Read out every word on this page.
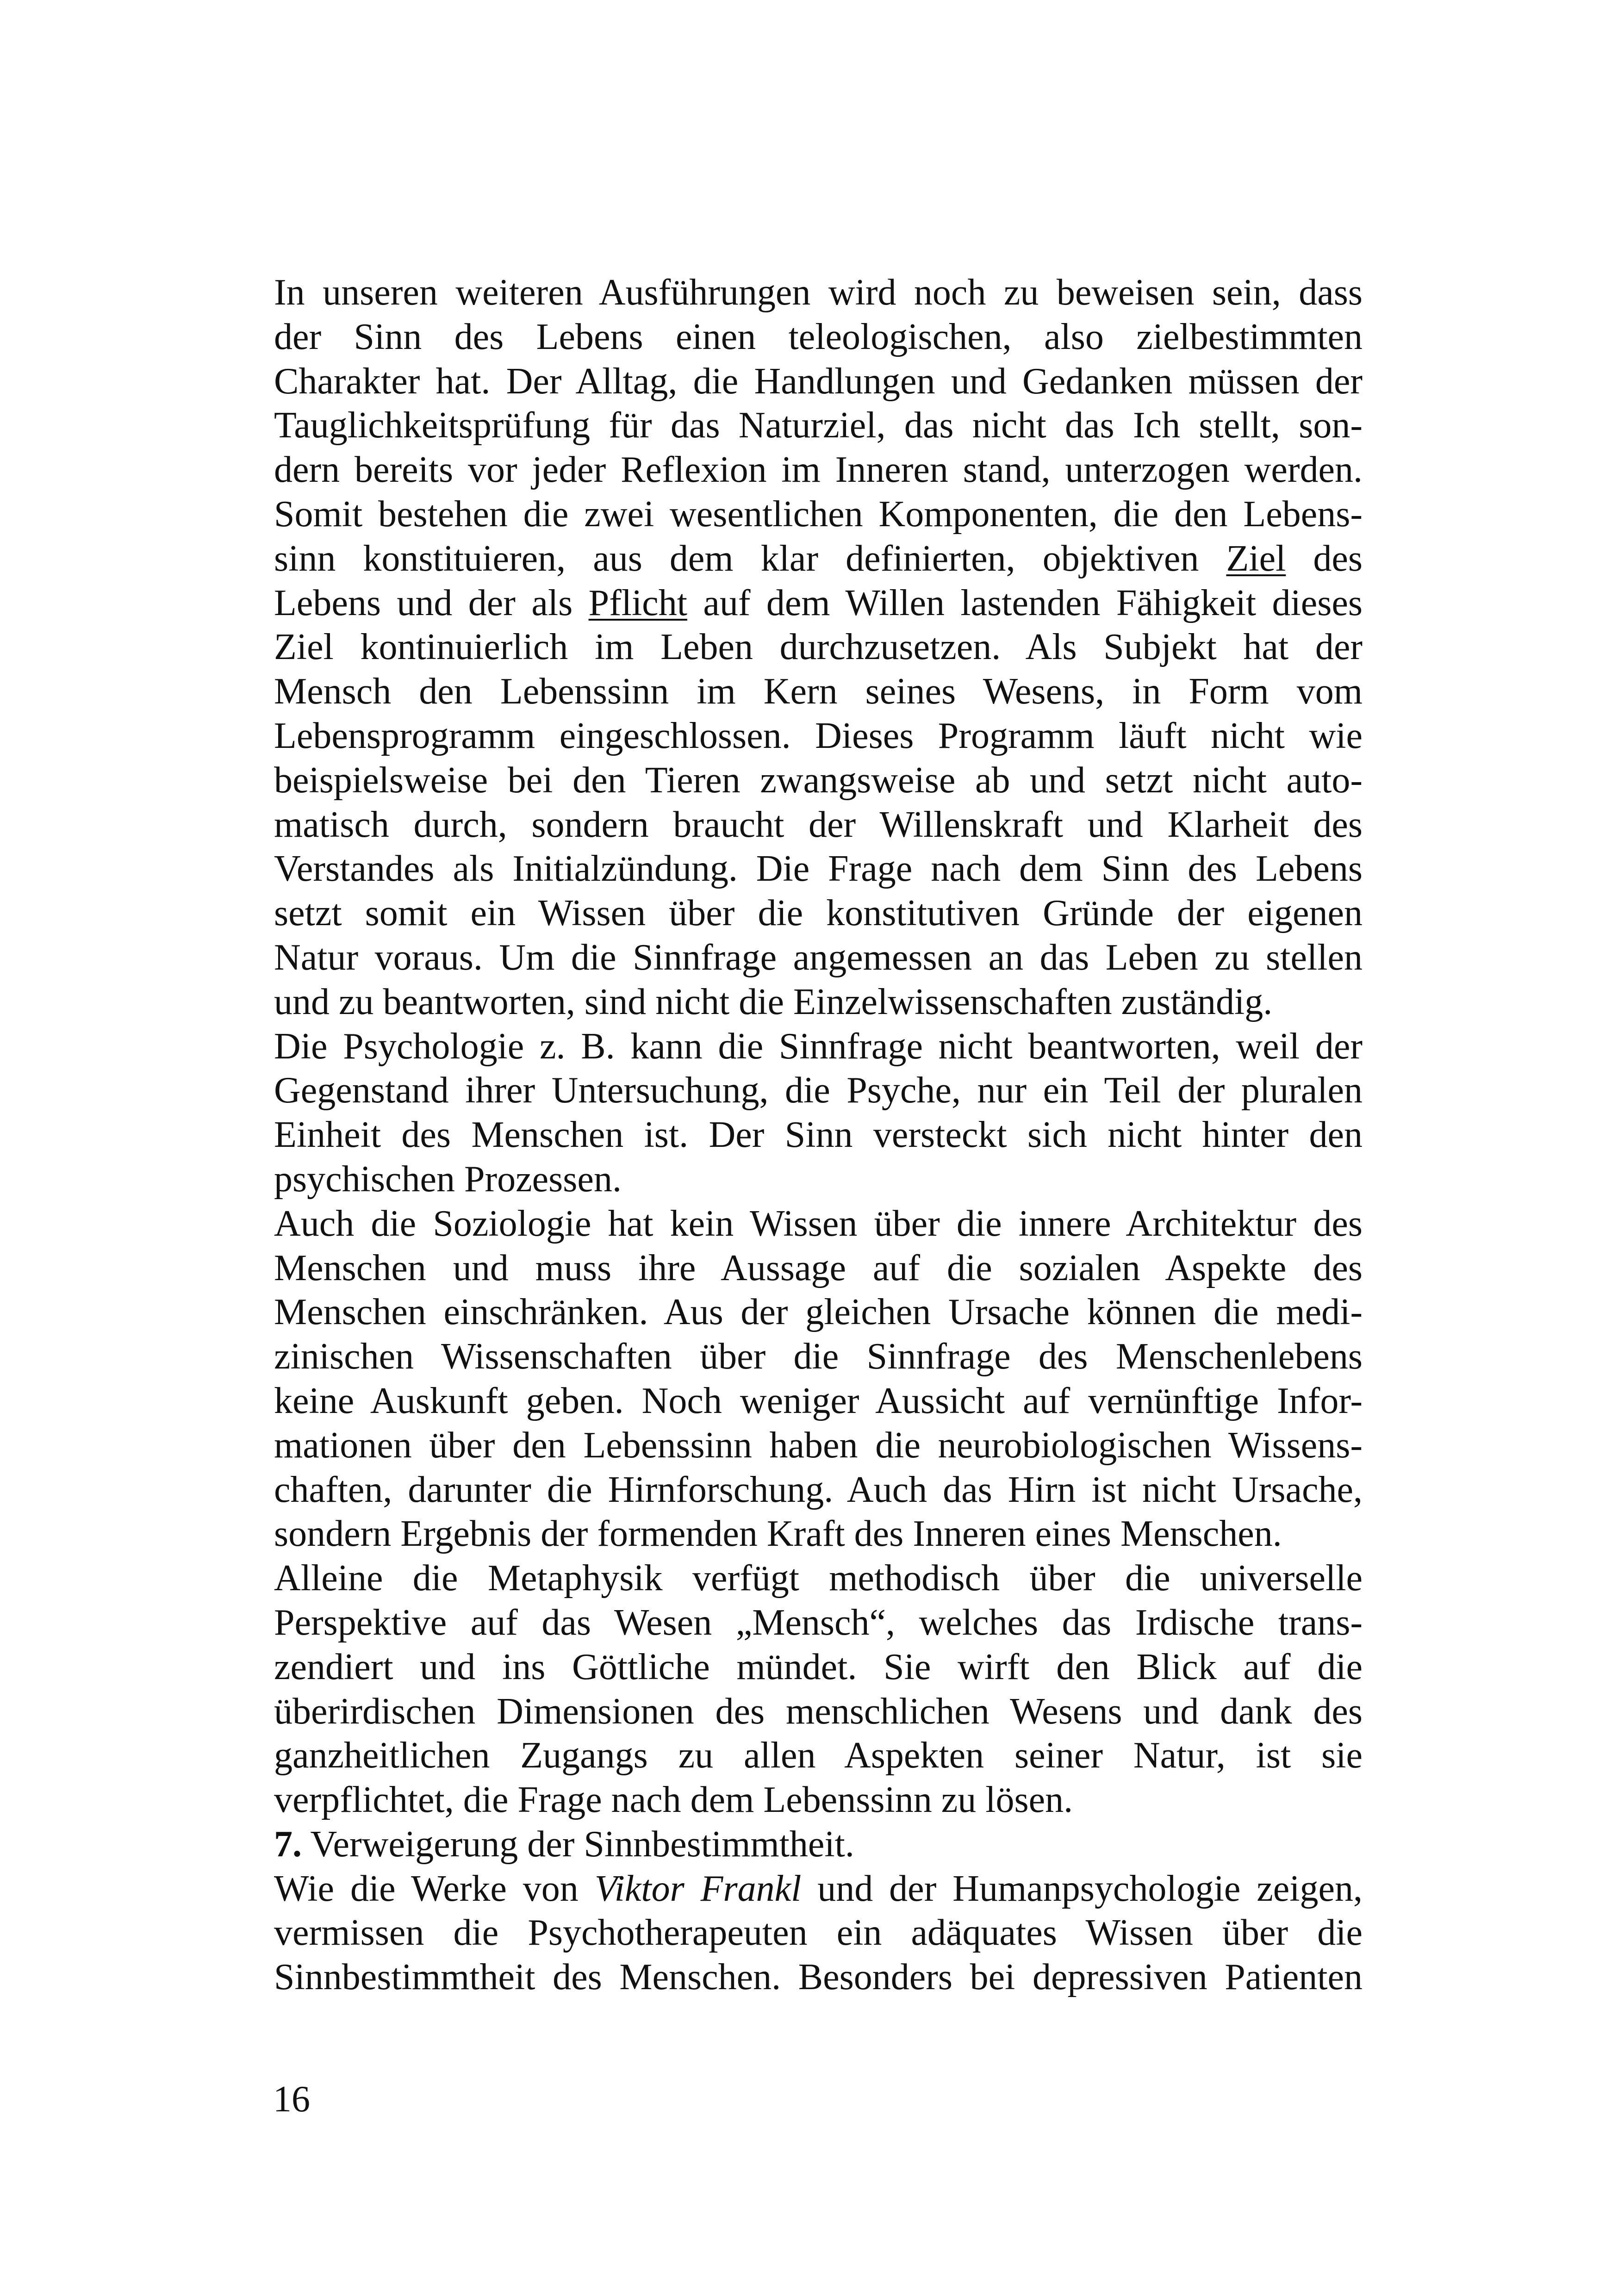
In unseren weiteren Ausführungen wird noch zu beweisen sein, dass
der Sinn des Lebens einen teleologischen, also zielbestimmten
Charakter hat. Der Alltag, die Handlungen und Gedanken müssen der
Tauglichkeitsprüfung für das Naturziel, das nicht das Ich stellt, son-
dern bereits vor jeder Reflexion im Inneren stand, unterzogen werden.
Somit bestehen die zwei wesentlichen Komponenten, die den Lebens-
sinn konstituieren, aus dem klar definierten, objektiven Ziel des
Lebens und der als Pflicht auf dem Willen lastenden Fähigkeit dieses
Ziel kontinuierlich im Leben durchzusetzen. Als Subjekt hat der
Mensch den Lebenssinn im Kern seines Wesens, in Form vom
Lebensprogramm eingeschlossen. Dieses Programm läuft nicht wie
beispielsweise bei den Tieren zwangsweise ab und setzt nicht auto-
matisch durch, sondern braucht der Willenskraft und Klarheit des
Verstandes als Initialzündung. Die Frage nach dem Sinn des Lebens
setzt somit ein Wissen über die konstitutiven Gründe der eigenen
Natur voraus. Um die Sinnfrage angemessen an das Leben zu stellen
und zu beantworten, sind nicht die Einzelwissenschaften zuständig.
Die Psychologie z. B. kann die Sinnfrage nicht beantworten, weil der
Gegenstand ihrer Untersuchung, die Psyche, nur ein Teil der pluralen
Einheit des Menschen ist. Der Sinn versteckt sich nicht hinter den
psychischen Prozessen.
Auch die Soziologie hat kein Wissen über die innere Architektur des
Menschen und muss ihre Aussage auf die sozialen Aspekte des
Menschen einschränken. Aus der gleichen Ursache können die medi-
zinischen Wissenschaften über die Sinnfrage des Menschenlebens
keine Auskunft geben. Noch weniger Aussicht auf vernünftige Infor-
mationen über den Lebenssinn haben die neurobiologischen Wissens-
chaften, darunter die Hirnforschung. Auch das Hirn ist nicht Ursache,
sondern Ergebnis der formenden Kraft des Inneren eines Menschen.
Alleine die Metaphysik verfügt methodisch über die universelle
Perspektive auf das Wesen „Mensch“, welches das Irdische trans-
zendiert und ins Göttliche mündet. Sie wirft den Blick auf die
überirdischen Dimensionen des menschlichen Wesens und dank des
ganzheitlichen Zugangs zu allen Aspekten seiner Natur, ist sie
verpflichtet, die Frage nach dem Lebenssinn zu lösen.
7. Verweigerung der Sinnbestimmtheit.
Wie die Werke von Viktor Frankl und der Humanpsychologie zeigen,
vermissen die Psychotherapeuten ein adäquates Wissen über die
Sinnbestimmtheit des Menschen. Besonders bei depressiven Patienten
16
